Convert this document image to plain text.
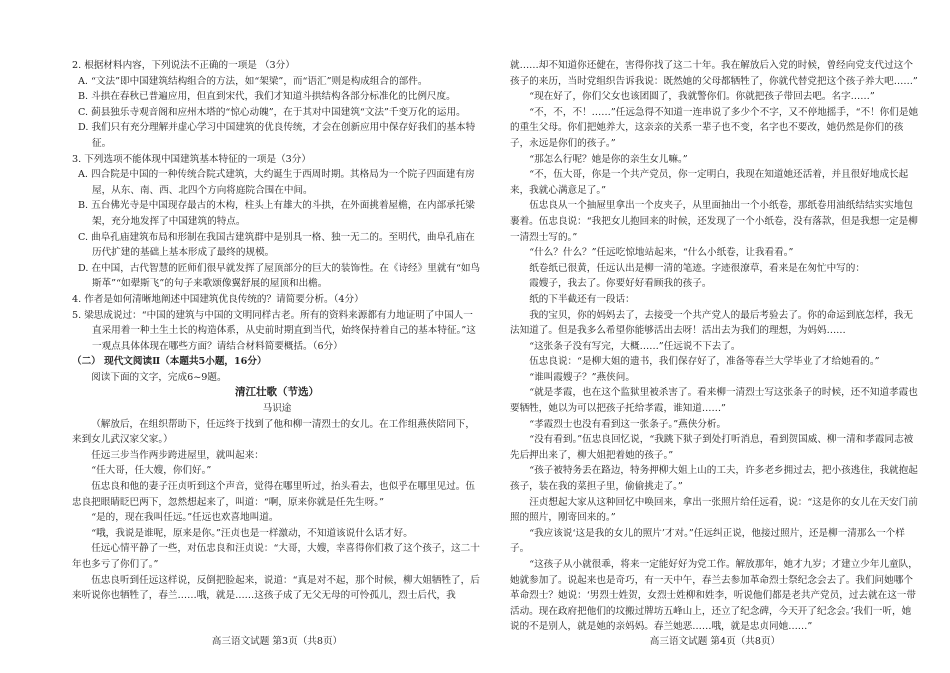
2. 根据材料内容，下列说法不正确的一项是 （3分）

A. “文法”即中国建筑结构组合的方法，如“架梁”，而“语汇”则是构成组合的部件。

B. 斗拱在春秋已普遍应用，但直到宋代，我们才知道斗拱结构各部分标准化的比例尺度。

C. 蓟县独乐寺观音阁和应州木塔的“惊心动魄”，在于其对中国建筑“文法”千变万化的运用。

D. 我们只有充分理解并虚心学习中国建筑的优良传统，才会在创新应用中保存好我们的基本特征。

3. 下列选项不能体现中国建筑基本特征的一项是（3分）

A. 四合院是中国的一种传统合院式建筑，大约诞生于西周时期。其格局为一个院子四面建有房屋，从东、南、西、北四个方向将庭院合围在中间。

B. 五台佛光寺是中国现存最古的木构，柱头上有雄大的斗拱，在外面挑着屋檐，在内部承托梁架，充分地发挥了中国建筑的特点。

C. 曲阜孔庙建筑布局和形制在我国古建筑群中是别具一格、独一无二的。至明代，曲阜孔庙在历代扩建的基础上基本形成了最终的规模。

D. 在中国，古代智慧的匠师们很早就发挥了屋顶部分的巨大的装饰性。在《诗经》里就有“如鸟斯革”“如翚斯飞”的句子来歌颂像翼舒展的屋顶和出檐。

4. 作者是如何清晰地阐述中国建筑优良传统的？请简要分析。（4分）

5. 梁思成说过：“中国的建筑与中国的文明同样古老。所有的资料来源都有力地证明了中国人一直采用着一种土生土长的构造体系，从史前时期直到当代，始终保持着自己的基本特征。”这一观点具体体现在哪些方面？请结合材料简要概括。（6分）

（二） 现代文阅读Ⅱ（本题共5小题，16分）

阅读下面的文字，完成6~9题。

清江壮歌（节选）

马识途

（解放后，在组织帮助下，任远终于找到了他和柳一清烈士的女儿。在工作组燕侠陪同下，来到女儿武汉家父家。）

任远三步当作两步跨进屋里，就叫起来：

“任大哥，任大嫂，你们好。”

伍忠良和他的妻子汪贞听到这个声音，觉得在哪里听过，抬头看去，也似乎在哪里见过。伍忠良把眼睛眨巴两下，忽然想起来了，叫道：“啊，原来你就是任先生呀。”

“是的，现在我叫任远。”任远也欢喜地叫道。

“哦，我说是谁呢，原来是你。”汪贞也是一样激动，不知道该说什么话才好。

任远心情平静了一些，对伍忠良和汪贞说：“大哥，大嫂，幸喜得你们救了这个孩子，这二十年也多亏了你们了。”

伍忠良听到任远这样说，反倒把脸起来，说道：“真是对不起，那个时候，柳大姐牺牲了，后来听说你也牺牲了，春兰……哦，就是……这孩子成了无父无母的可怜孤儿，烈士后代，我

就……却不知道你还健在，害得你找了这二十年。我在解放后入党的时候，曾经向党支代过这个孩子的来历，当时党组织告诉我说：既然她的父母都牺牲了，你就代替党把这个孩子养大吧……”

“现在好了，你们父女也该团圆了，我就警你们。你就把孩子带回去吧。名字……”

“不，不，不！……”任远急得不知道一连串说了多少个不字，又不停地摇手，“不！你们是她的重生父母。你们把她养大，这亲亲的关系一辈子也不变，名字也不要改，她仍然是你们的孩子，永远是你们的孩子。”

“那怎么行呢？她是你的亲生女儿嘛。”

“不，伍大哥，你是一个共产党员，你一定明白，我现在知道她还活着，并且很好地成长起来，我就心满意足了。”

伍忠良从一个抽屉里拿出一个皮夹子，从里面抽出一个小纸卷，那纸卷用油纸结结实实地包裹着。伍忠良说：“我把女儿抱回来的时候，还发现了一个小纸卷，没有落款，但是我想一定是柳一清烈士写的。”

“什么？什么？”任远吃惊地站起来，“什么小纸卷，让我看看。”

纸卷纸已很黄，任远认出是柳一清的笔迹。字迹很潦草，看来是在匆忙中写的：

霞嫂子，我去了。你要好好看顾我的孩子。

纸的下半截还有一段话：

我的宝贝，你的妈妈去了，去接受一个共产党人的最后考验去了。你的命运到底怎样，我无法知道了。但是我多么希望你能够活出去呀！活出去为我们的理想，为妈妈……

“这张条子没有写完，大概……”任远说不下去了。

伍忠良说：“是柳大姐的遗书，我们保存好了，准备等春兰大学毕业了才给她看的。”

“谁叫霞嫂子？”燕侠问。

“就是孝霞，也在这个监狱里被杀害了。看来柳一清烈士写这张条子的时候，还不知道孝霞也要牺牲，她以为可以把孩子托给孝霞，谁知道……”

“孝霞烈士也没有看到这一张条子。”燕侠分析。

“没有看到。”伍忠良回忆说，“我跳下狱子到处打听消息，看到贺国威、柳一清和孝霞同志被先后押出来了，柳大姐把着她的孩子。”

“孩子被特务丢在路边，特务押柳大姐上山的工夫，许多老乡拥过去，把小孩逃住，我就抱起孩子，装在我的菜担子里，偷偷挑走了。”

汪贞想起大家从这种回忆中唤回来，拿出一张照片给任远看，说：“这是你的女儿在天安门前照的照片，刚寄回来的。”

“我应该说‘这是我的女儿的照片’才对。”任远纠正说，他接过照片，还是柳一清那么一个样子。

“这孩子从小就很乖，将来一定能好好为党工作。解放那年，她才九岁；才建立少年儿童队，她就参加了。说起来也是奇巧，有一天中午，春兰去参加革命烈士祭纪念会去了。我们问她哪个革命烈士？她说：‘男烈士姓贺，女烈士姓柳和姓李，听说他们都是老共产党员，过去就在这一带活动。现在政府把他们的坟搬过牌坊五峰山上，还立了纪念碑，今天开了纪念会。’我们一听，她说的不是别人，就是她的亲妈妈。春兰她恶……哦，就是忠贞同她……”

高三语文试题 第3页（共8页）	高三语文试题 第4页（共8页）
